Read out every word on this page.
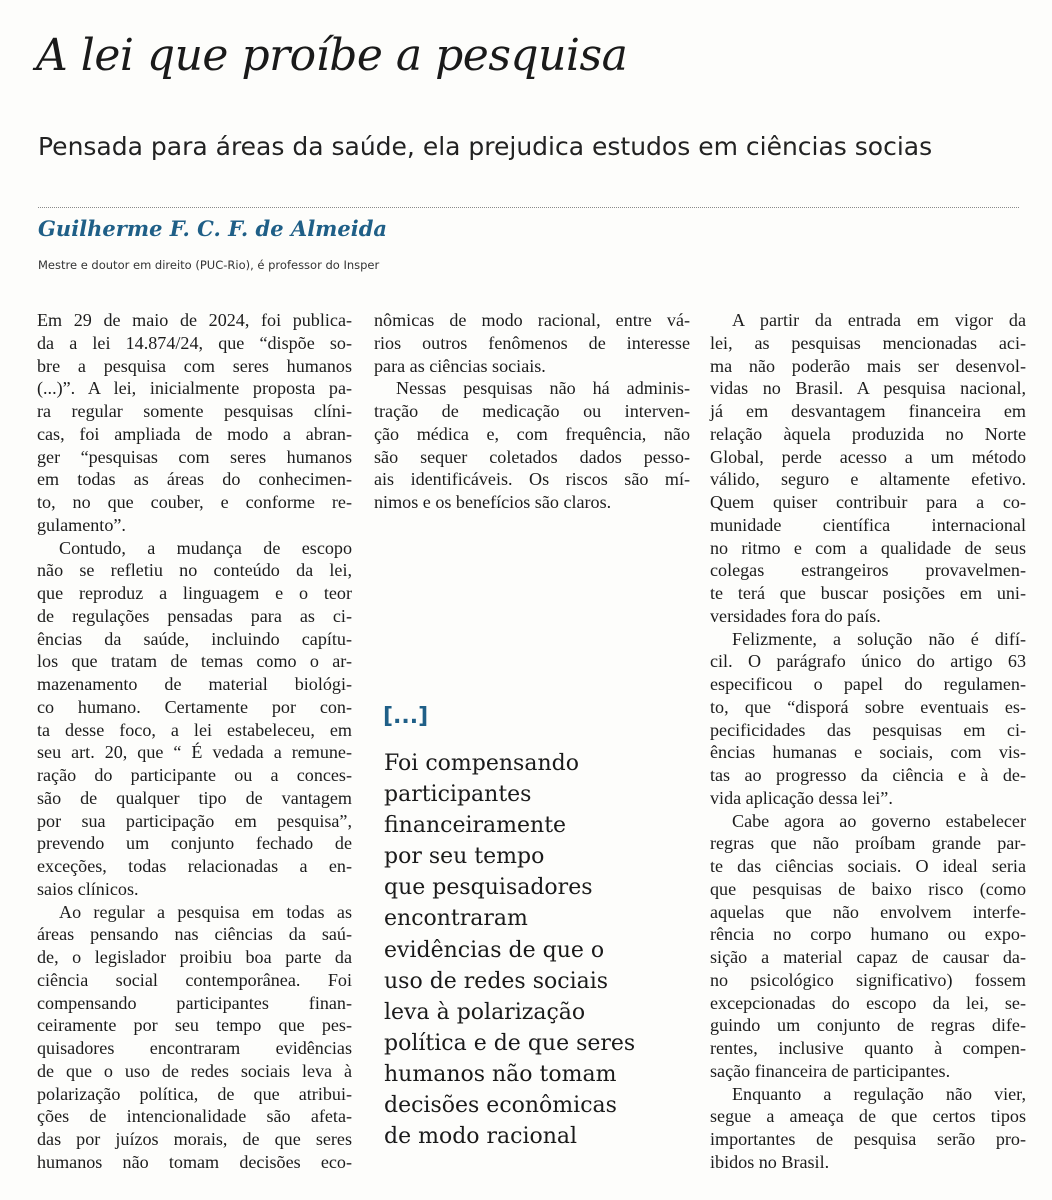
A lei que proíbe a pesquisa
Pensada para áreas da saúde, ela prejudica estudos em ciências socias
Guilherme F. C. F. de Almeida
Mestre e doutor em direito (PUC-Rio), é professor do Insper

Em 29 de maio de 2024, foi publica-
da a lei 14.874/24, que “dispõe so-
bre a pesquisa com seres humanos
(...)”. A lei, inicialmente proposta pa-
ra regular somente pesquisas clíni-
cas, foi ampliada de modo a abran-
ger “pesquisas com seres humanos
em todas as áreas do conhecimen-
to, no que couber, e conforme re-
gulamento”.

Contudo, a mudança de escopo
não se refletiu no conteúdo da lei,
que reproduz a linguagem e o teor
de regulações pensadas para as ci-
ências da saúde, incluindo capítu-
los que tratam de temas como o ar-
mazenamento de material biológi-
co humano. Certamente por con-
ta desse foco, a lei estabeleceu, em
seu art. 20, que “ É vedada a remune-
ração do participante ou a conces-
são de qualquer tipo de vantagem
por sua participação em pesquisa”,
prevendo um conjunto fechado de
exceções, todas relacionadas a en-
saios clínicos.

Ao regular a pesquisa em todas as
áreas pensando nas ciências da saú-
de, o legislador proibiu boa parte da
ciência social contemporânea. Foi
compensando participantes finan-
ceiramente por seu tempo que pes-
quisadores encontraram evidências
de que o uso de redes sociais leva à
polarização política, de que atribui-
ções de intencionalidade são afeta-
das por juízos morais, de que seres
humanos não tomam decisões eco-

nômicas de modo racional, entre vá-
rios outros fenômenos de interesse
para as ciências sociais.

Nessas pesquisas não há adminis-
tração de medicação ou interven-
ção médica e, com frequência, não
são sequer coletados dados pesso-
ais identificáveis. Os riscos são mí-
nimos e os benefícios são claros.

A partir da entrada em vigor da
lei, as pesquisas mencionadas aci-
ma não poderão mais ser desenvol-
vidas no Brasil. A pesquisa nacional,
já em desvantagem financeira em
relação àquela produzida no Norte
Global, perde acesso a um método
válido, seguro e altamente efetivo.
Quem quiser contribuir para a co-
munidade científica internacional
no ritmo e com a qualidade de seus
colegas estrangeiros provavelmen-
te terá que buscar posições em uni-
versidades fora do país.

Felizmente, a solução não é difí-
cil. O parágrafo único do artigo 63
especificou o papel do regulamen-
to, que “disporá sobre eventuais es-
pecificidades das pesquisas em ci-
ências humanas e sociais, com vis-
tas ao progresso da ciência e à de-
vida aplicação dessa lei”.

Cabe agora ao governo estabelecer
regras que não proíbam grande par-
te das ciências sociais. O ideal seria
que pesquisas de baixo risco (como
aquelas que não envolvem interfe-
rência no corpo humano ou expo-
sição a material capaz de causar da-
no psicológico significativo) fossem
excepcionadas do escopo da lei, se-
guindo um conjunto de regras dife-
rentes, inclusive quanto à compen-
sação financeira de participantes.

Enquanto a regulação não vier,
segue a ameaça de que certos tipos
importantes de pesquisa serão pro-
ibidos no Brasil.

[...]
Foi compensando
participantes
financeiramente
por seu tempo
que pesquisadores
encontraram
evidências de que o
uso de redes sociais
leva à polarização
política e de que seres
humanos não tomam
decisões econômicas
de modo racional
